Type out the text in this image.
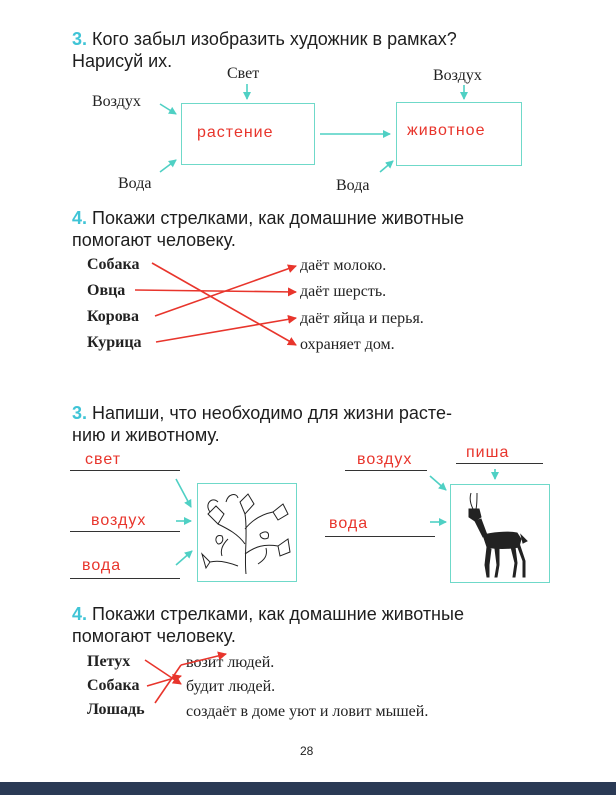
3. Кого забыл изобразить художник в рамках?
Нарисуй их.
Свет
Воздух
Вода
Воздух
Вода
растение	животное
4. Покажи стрелками, как домашние животные
помогают человеку.
Собака
Овца
Корова
Курица
даёт молоко.
даёт шерсть.
даёт яйца и перья.
охраняет дом.
3. Напиши, что необходимо для жизни расте-
нию и животному.
свет
воздух
вода
воздух	пиша
вода
4. Покажи стрелками, как домашние животные
помогают человеку.
Петух
Собака
Лошадь
возит людей.
будит людей.
создаёт в доме уют и ловит мышей.
28
